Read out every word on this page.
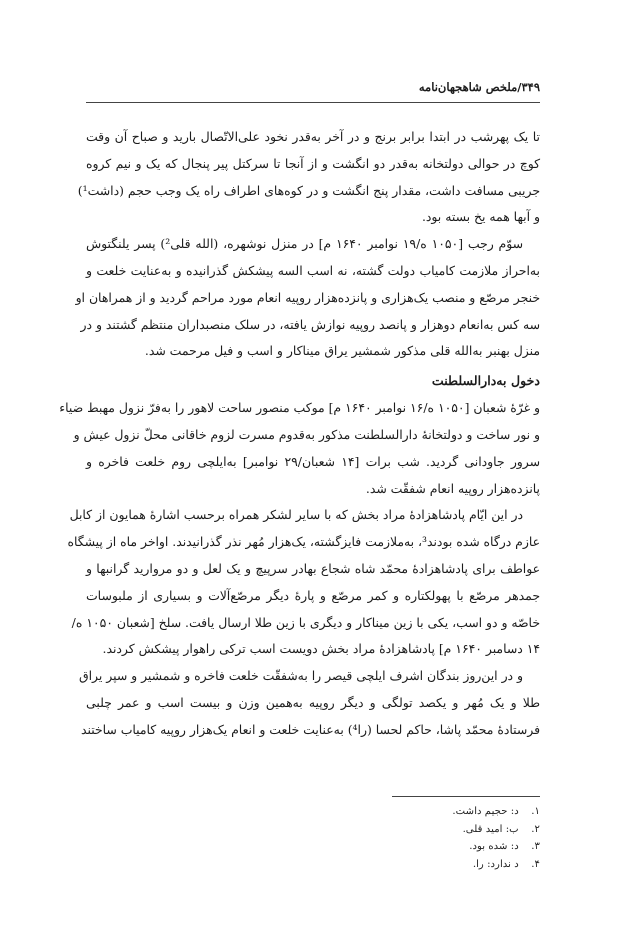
۳۴۹/ملخص شاهجهان‌نامه
تا یک پهرشب در ابتدا برابر برنج و در آخر به‌قدر نخود علی‌الاتّصال بارید و صباح آن وقت
کوچ در حوالی دولتخانه به‌قدر دو انگشت و از آنجا تا سرکتل پیر پنجال که یک و نیم کروه
جریبی مسافت داشت، مقدار پنج انگشت و در کوه‌های اطراف راه یک وجب حجم (داشت¹)
و آبها همه یخ بسته بود.
سوّم رجب [۱۰۵۰ ه/۱۹ نوامبر ۱۶۴۰ م] در منزل نوشهره، (الله قلی²) پسر یلنگتوش
به‌احراز ملازمت کامیاب دولت گشته، نه اسب السه پیشکش گذرانیده و به‌عنایت خلعت و
خنجر مرصّع و منصب یک‌هزاری و پانزده‌هزار روپیه انعام مورد مراحم گردید و از همراهان او
سه کس به‌انعام دوهزار و پانصد روپیه نوازش یافته، در سلک منصبداران منتظم گشتند و در
منزل بهنبر به‌الله قلی مذکور شمشیر یراق میناکار و اسب و فیل مرحمت شد.
دخول به‌دارالسلطنت
و غرّهٔ شعبان [۱۰۵۰ ه/۱۶ نوامبر ۱۶۴۰ م] موکب منصور ساحت لاهور را به‌فرّ نزول مهبط ضیاء
و نور ساخت و دولتخانهٔ دارالسلطنت مذکور به‌قدوم مسرت لزوم خاقانی محلّ نزول عیش و
سرور جاودانی گردید. شب برات [۱۴ شعبان/۲۹ نوامبر] به‌ایلچی روم خلعت فاخره و
پانزده‌هزار روپیه انعام شفقّت شد.
در این ایّام پادشاهزادهٔ مراد بخش که با سایر لشکر همراه برحسب اشارهٔ همایون از کابل
عازم درگاه شده بودند³، به‌ملازمت فایزگشته، یک‌هزار مُهر نذر گذرانیدند. اواخر ماه از پیشگاه
عواطف برای پادشاهزادهٔ محمّد شاه شجاع بهادر سرپیچ و یک لعل و دو مروارید گرانبها و
جمدهر مرصّع با پهولکتاره و کمر مرصّع و پارهٔ دیگر مرصّع‌آلات و بسیاری از ملبوسات
خاصّه و دو اسب، یکی با زین میناکار و دیگری با زین طلا ارسال یافت. سلخ [شعبان ۱۰۵۰ ه/
۱۴ دسامبر ۱۶۴۰ م] پادشاهزادهٔ مراد بخش دویست اسب ترکی راهوار پیشکش کردند.
و در این‌روز بندگان اشرف ایلچی قیصر را به‌شفقّت خلعت فاخره و شمشیر و سپر یراق
طلا و یک مُهر و یکصد تولگی و دیگر روپیه به‌همین وزن و بیست اسب و عمر چلبی
فرستادهٔ محمّد پاشا، حاکم لحسا (را⁴) به‌عنایت خلعت و انعام یک‌هزار روپیه کامیاب ساختند
۱. د: حجیم داشت.
۲. ب: امید قلی.
۳. د: شده بود.
۴. د ندارد: را.
